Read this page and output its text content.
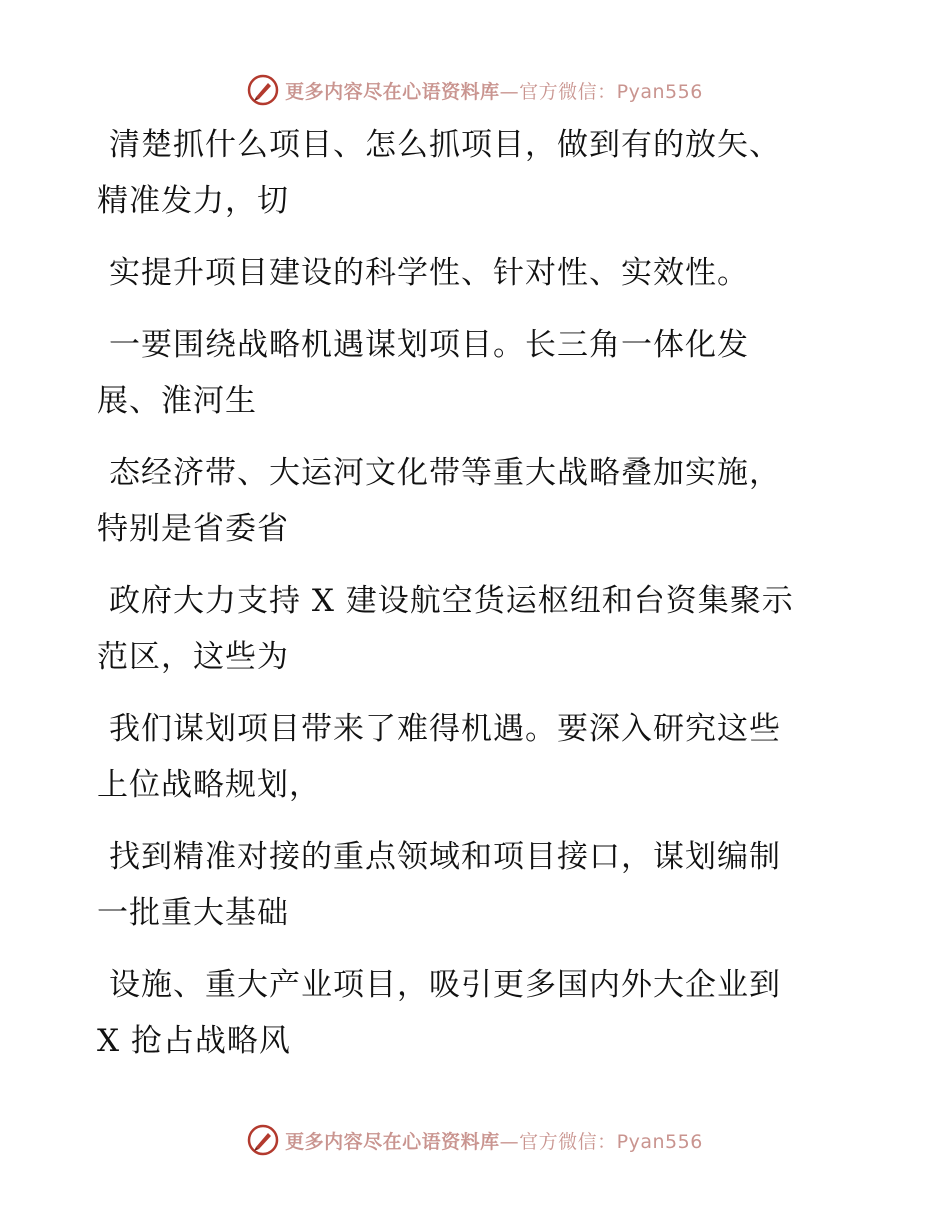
更多内容尽在心语资料库—官方微信：Pyan556
清楚抓什么项目、怎么抓项目，做到有的放矢、
精准发力，切
实提升项目建设的科学性、针对性、实效性。
一要围绕战略机遇谋划项目。长三角一体化发
展、淮河生
态经济带、大运河文化带等重大战略叠加实施，
特别是省委省
政府大力支持 X 建设航空货运枢纽和台资集聚示
范区，这些为
我们谋划项目带来了难得机遇。要深入研究这些
上位战略规划，
找到精准对接的重点领域和项目接口，谋划编制
一批重大基础
设施、重大产业项目，吸引更多国内外大企业到
X 抢占战略风
更多内容尽在心语资料库—官方微信：Pyan556
